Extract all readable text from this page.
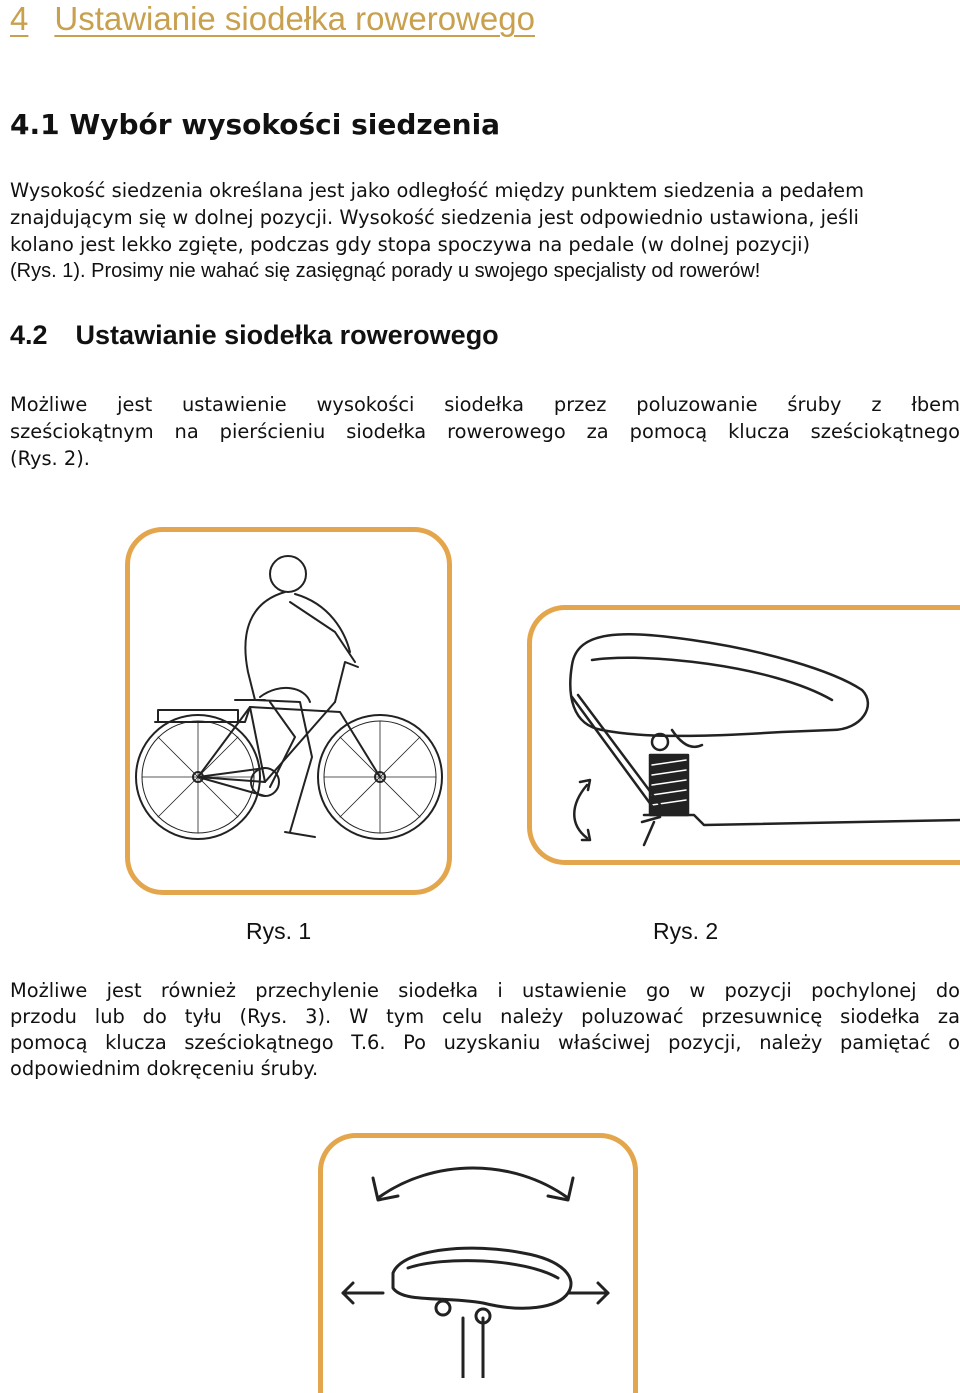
4 Ustawianie siodełka rowerowego
4.1 Wybór wysokości siedzenia
Wysokość siedzenia określana jest jako odległość między punktem siedzenia a pedałem
znajdującym się w dolnej pozycji. Wysokość siedzenia jest odpowiednio ustawiona, jeśli
kolano jest lekko zgięte, podczas gdy stopa spoczywa na pedale (w dolnej pozycji)
(Rys. 1). Prosimy nie wahać się zasięgnąć porady u swojego specjalisty od rowerów!
4.2 Ustawianie siodełka rowerowego
Możliwe jest ustawienie wysokości siodełka przez poluzowanie śruby z łbem
sześciokątnym na pierścieniu siodełka rowerowego za pomocą klucza sześciokątnego
(Rys. 2).
Rys. 1	Rys. 2
Możliwe jest również przechylenie siodełka i ustawienie go w pozycji pochylonej do
przodu lub do tyłu (Rys. 3). W tym celu należy poluzować przesuwnicę siodełka za
pomocą klucza sześciokątnego T.6. Po uzyskaniu właściwej pozycji, należy pamiętać o
odpowiednim dokręceniu śruby.
